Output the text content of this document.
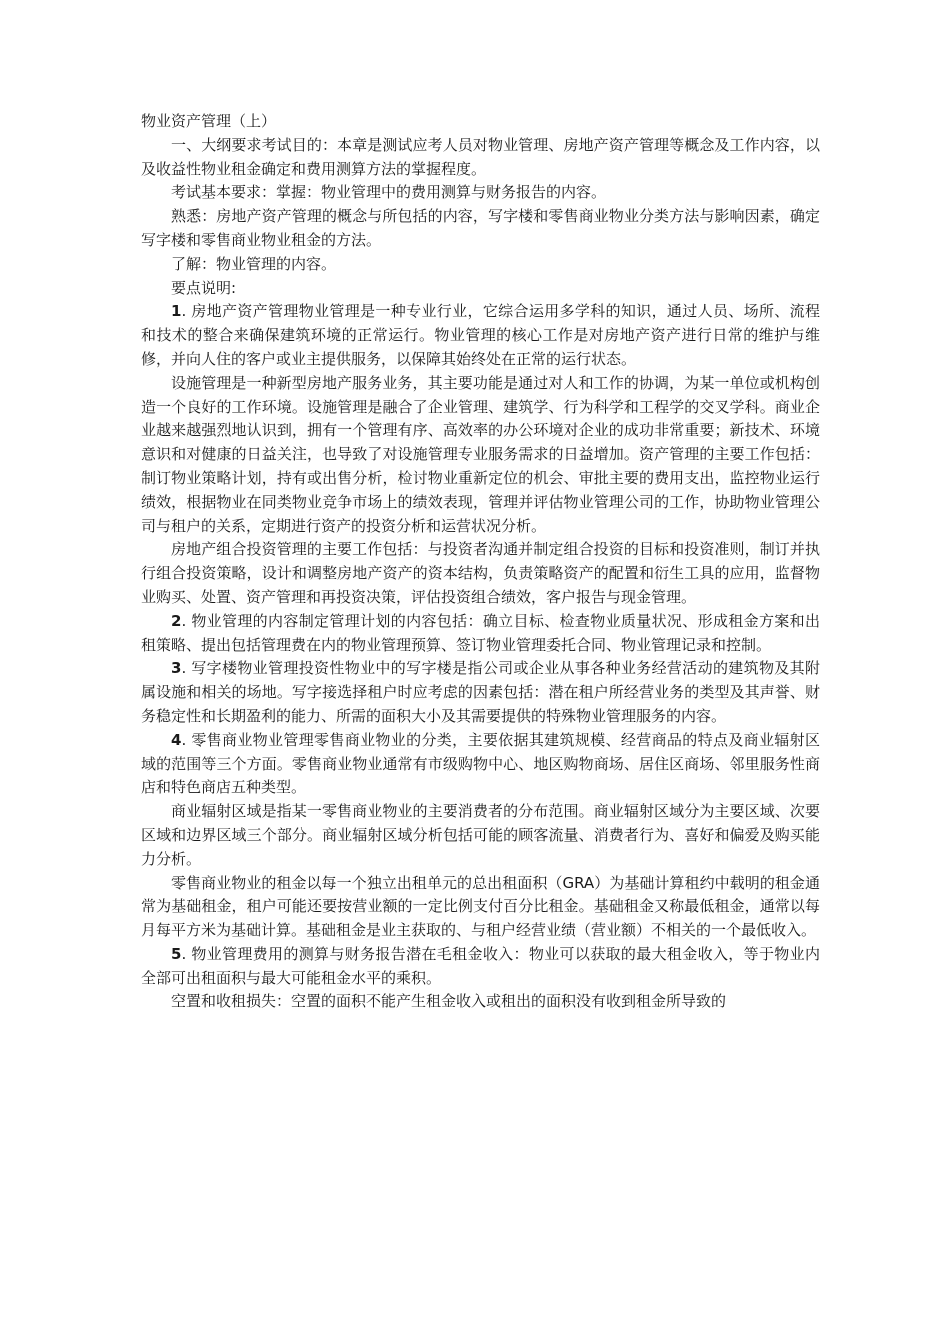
物业资产管理（上）

一、大纲要求考试目的：本章是测试应考人员对物业管理、房地产资产管理等概念及工作内容，以及收益性物业租金确定和费用测算方法的掌握程度。

考试基本要求：掌握：物业管理中的费用测算与财务报告的内容。

熟悉：房地产资产管理的概念与所包括的内容，写字楼和零售商业物业分类方法与影响因素，确定写字楼和零售商业物业租金的方法。

了解：物业管理的内容。

要点说明:

1. 房地产资产管理物业管理是一种专业行业，它综合运用多学科的知识，通过人员、场所、流程和技术的整合来确保建筑环境的正常运行。物业管理的核心工作是对房地产资产进行日常的维护与维修，并向人住的客户或业主提供服务，以保障其始终处在正常的运行状态。

设施管理是一种新型房地产服务业务，其主要功能是通过对人和工作的协调，为某一单位或机构创造一个良好的工作环境。设施管理是融合了企业管理、建筑学、行为科学和工程学的交叉学科。商业企业越来越强烈地认识到，拥有一个管理有序、高效率的办公环境对企业的成功非常重要；新技术、环境意识和对健康的日益关注，也导致了对设施管理专业服务需求的日益增加。资产管理的主要工作包括：制订物业策略计划，持有或出售分析，检讨物业重新定位的机会、审批主要的费用支出，监控物业运行绩效，根据物业在同类物业竞争市场上的绩效表现，管理并评估物业管理公司的工作，协助物业管理公司与租户的关系，定期进行资产的投资分析和运营状况分析。

房地产组合投资管理的主要工作包括：与投资者沟通并制定组合投资的目标和投资准则，制订并执行组合投资策略，设计和调整房地产资产的资本结构，负责策略资产的配置和衍生工具的应用，监督物业购买、处置、资产管理和再投资决策，评估投资组合绩效，客户报告与现金管理。

2. 物业管理的内容制定管理计划的内容包括：确立目标、检查物业质量状况、形成租金方案和出租策略、提出包括管理费在内的物业管理预算、签订物业管理委托合同、物业管理记录和控制。

3. 写字楼物业管理投资性物业中的写字楼是指公司或企业从事各种业务经营活动的建筑物及其附属设施和相关的场地。写字接选择租户时应考虑的因素包括：潜在租户所经营业务的类型及其声誉、财务稳定性和长期盈利的能力、所需的面积大小及其需要提供的特殊物业管理服务的内容。

4. 零售商业物业管理零售商业物业的分类，主要依据其建筑规模、经营商品的特点及商业辐射区域的范围等三个方面。零售商业物业通常有市级购物中心、地区购物商场、居住区商场、邻里服务性商店和特色商店五种类型。

商业辐射区域是指某一零售商业物业的主要消费者的分布范围。商业辐射区域分为主要区域、次要区域和边界区域三个部分。商业辐射区域分析包括可能的顾客流量、消费者行为、喜好和偏爱及购买能力分析。

零售商业物业的租金以每一个独立出租单元的总出租面积（GRA）为基础计算租约中载明的租金通常为基础租金，租户可能还要按营业额的一定比例支付百分比租金。基础租金又称最低租金，通常以每月每平方米为基础计算。基础租金是业主获取的、与租户经营业绩（营业额）不相关的一个最低收入。

5. 物业管理费用的测算与财务报告潜在毛租金收入：物业可以获取的最大租金收入，等于物业内全部可出租面积与最大可能租金水平的乘积。

空置和收租损失：空置的面积不能产生租金收入或租出的面积没有收到租金所导致的
